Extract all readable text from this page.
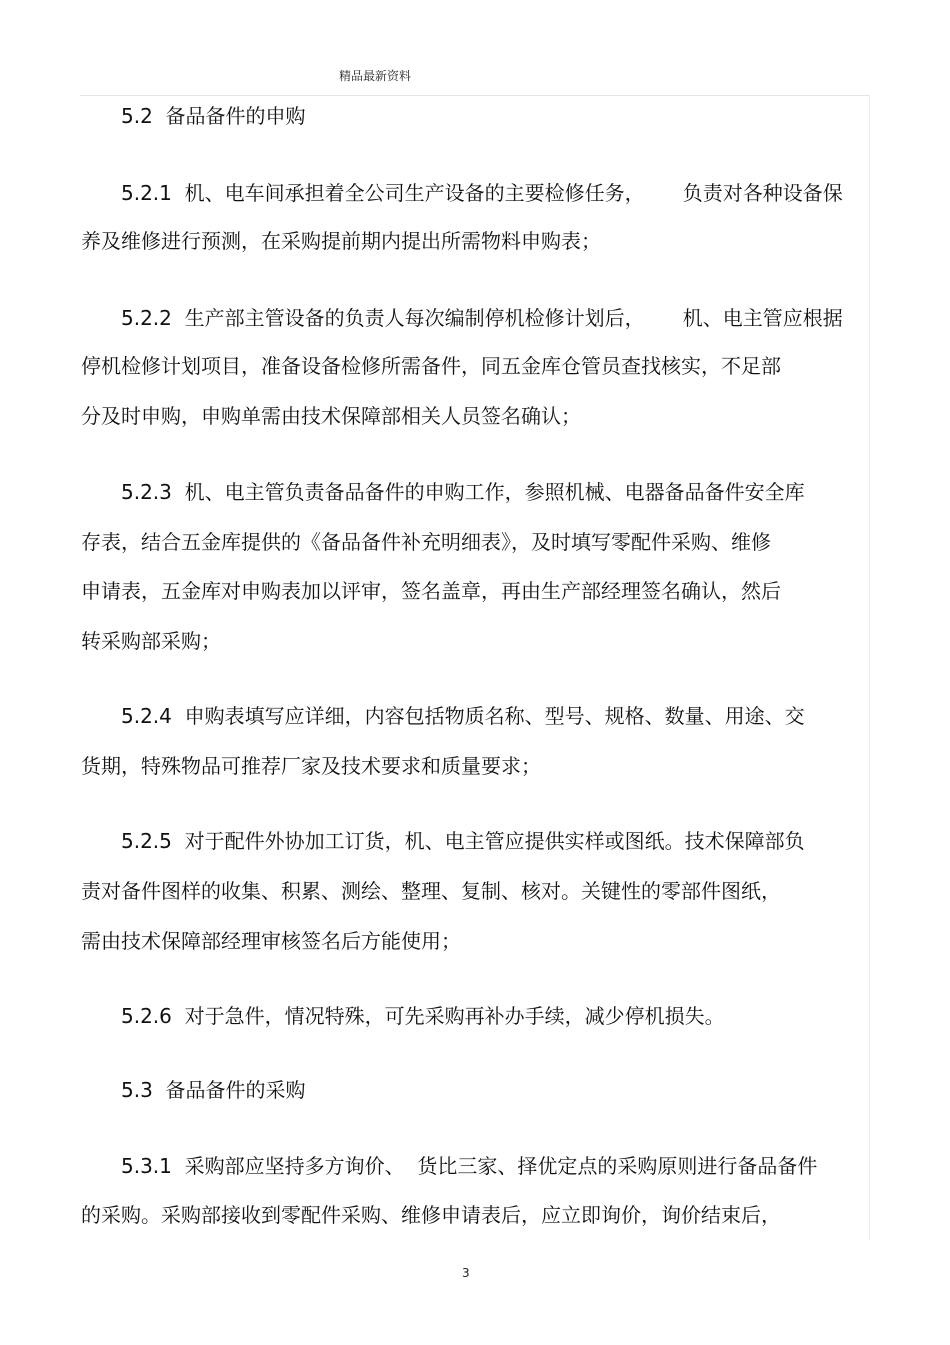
精品最新资料
5.2  备品备件的申购
5.2.1  机、电车间承担着全公司生产设备的主要检修任务，      负责对各种设备保
养及维修进行预测，在采购提前期内提出所需物料申购表；
5.2.2  生产部主管设备的负责人每次编制停机检修计划后，      机、电主管应根据
停机检修计划项目，准备设备检修所需备件，同五金库仓管员查找核实，不足部
分及时申购，申购单需由技术保障部相关人员签名确认；
5.2.3  机、电主管负责备品备件的申购工作，参照机械、电器备品备件安全库
存表，结合五金库提供的《备品备件补充明细表》，及时填写零配件采购、维修
申请表，五金库对申购表加以评审，签名盖章，再由生产部经理签名确认，然后
转采购部采购；
5.2.4  申购表填写应详细，内容包括物质名称、型号、规格、数量、用途、交
货期，特殊物品可推荐厂家及技术要求和质量要求；
5.2.5  对于配件外协加工订货，机、电主管应提供实样或图纸。技术保障部负
责对备件图样的收集、积累、测绘、整理、复制、核对。关键性的零部件图纸，
需由技术保障部经理审核签名后方能使用；
5.2.6  对于急件，情况特殊，可先采购再补办手续，减少停机损失。
5.3  备品备件的采购
5.3.1  采购部应坚持多方询价、  货比三家、择优定点的采购原则进行备品备件
的采购。采购部接收到零配件采购、维修申请表后，应立即询价，询价结束后，
3
